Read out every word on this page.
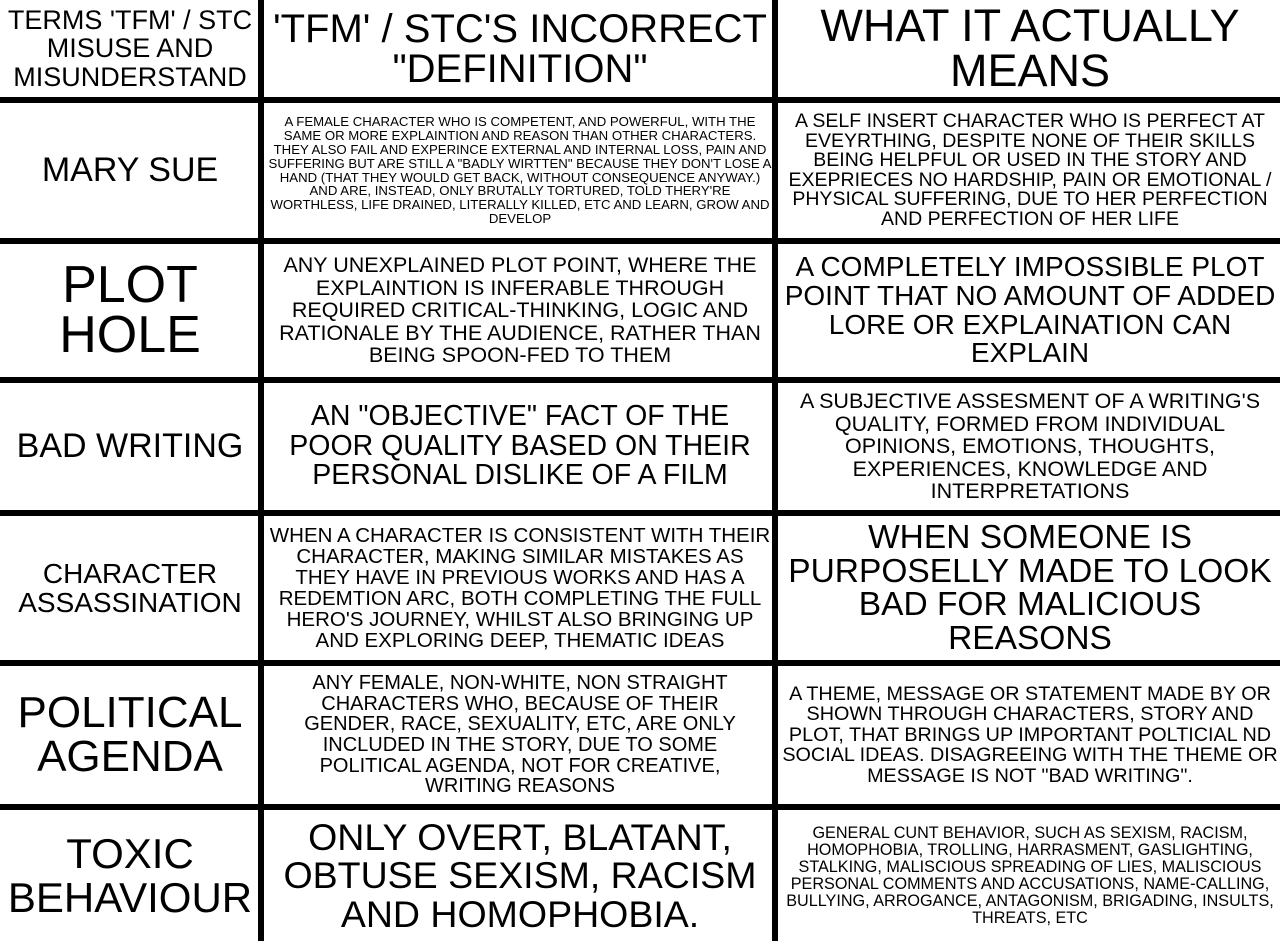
TERMS 'TFM' / STC MISUSE AND MISUNDERSTAND
'TFM' / STC'S INCORRECT "DEFINITION"
WHAT IT ACTUALLY MEANS
MARY SUE
A FEMALE CHARACTER WHO IS COMPETENT, AND POWERFUL, WITH THE SAME OR MORE EXPLAINTION AND REASON THAN OTHER CHARACTERS. THEY ALSO FAIL AND EXPERINCE EXTERNAL AND INTERNAL LOSS, PAIN AND SUFFERING BUT ARE STILL A "BADLY WIRTTEN" BECAUSE THEY DON'T LOSE A HAND (THAT THEY WOULD GET BACK, WITHOUT CONSEQUENCE ANYWAY.) AND ARE, INSTEAD, ONLY BRUTALLY TORTURED, TOLD THERY'RE WORTHLESS, LIFE DRAINED, LITERALLY KILLED, ETC AND LEARN, GROW AND DEVELOP
A SELF INSERT CHARACTER WHO IS PERFECT AT EVEYRTHING, DESPITE NONE OF THEIR SKILLS BEING HELPFUL OR USED IN THE STORY AND EXEPRIECES NO HARDSHIP, PAIN OR EMOTIONAL / PHYSICAL SUFFERING, DUE TO HER PERFECTION AND PERFECTION OF HER LIFE
PLOT HOLE
ANY UNEXPLAINED PLOT POINT, WHERE THE EXPLAINTION IS INFERABLE THROUGH REQUIRED CRITICAL-THINKING, LOGIC AND RATIONALE BY THE AUDIENCE, RATHER THAN BEING SPOON-FED TO THEM
A COMPLETELY IMPOSSIBLE PLOT POINT THAT NO AMOUNT OF ADDED LORE OR EXPLAINATION CAN EXPLAIN
BAD WRITING
AN "OBJECTIVE" FACT OF THE POOR QUALITY BASED ON THEIR PERSONAL DISLIKE OF A FILM
A SUBJECTIVE ASSESMENT OF A WRITING'S QUALITY, FORMED FROM INDIVIDUAL OPINIONS, EMOTIONS, THOUGHTS, EXPERIENCES, KNOWLEDGE AND INTERPRETATIONS
CHARACTER ASSASSINATION
WHEN A CHARACTER IS CONSISTENT WITH THEIR CHARACTER, MAKING SIMILAR MISTAKES AS THEY HAVE IN PREVIOUS WORKS AND HAS A REDEMTION ARC, BOTH COMPLETING THE FULL HERO'S JOURNEY, WHILST ALSO BRINGING UP AND EXPLORING DEEP, THEMATIC IDEAS
WHEN SOMEONE IS PURPOSELLY MADE TO LOOK BAD FOR MALICIOUS REASONS
POLITICAL AGENDA
ANY FEMALE, NON-WHITE, NON STRAIGHT CHARACTERS WHO, BECAUSE OF THEIR GENDER, RACE, SEXUALITY, ETC, ARE ONLY INCLUDED IN THE STORY, DUE TO SOME POLITICAL AGENDA, NOT FOR CREATIVE, WRITING REASONS
A THEME, MESSAGE OR STATEMENT MADE BY OR SHOWN THROUGH CHARACTERS, STORY AND PLOT, THAT BRINGS UP IMPORTANT POLTICIAL ND SOCIAL IDEAS. DISAGREEING WITH THE THEME OR MESSAGE IS NOT "BAD WRITING".
TOXIC BEHAVIOUR
ONLY OVERT, BLATANT, OBTUSE SEXISM, RACISM AND HOMOPHOBIA.
GENERAL CUNT BEHAVIOR, SUCH AS SEXISM, RACISM, HOMOPHOBIA, TROLLING, HARRASMENT, GASLIGHTING, STALKING, MALISCIOUS SPREADING OF LIES, MALISCIOUS PERSONAL COMMENTS AND ACCUSATIONS, NAME-CALLING, BULLYING, ARROGANCE, ANTAGONISM, BRIGADING, INSULTS, THREATS, ETC
